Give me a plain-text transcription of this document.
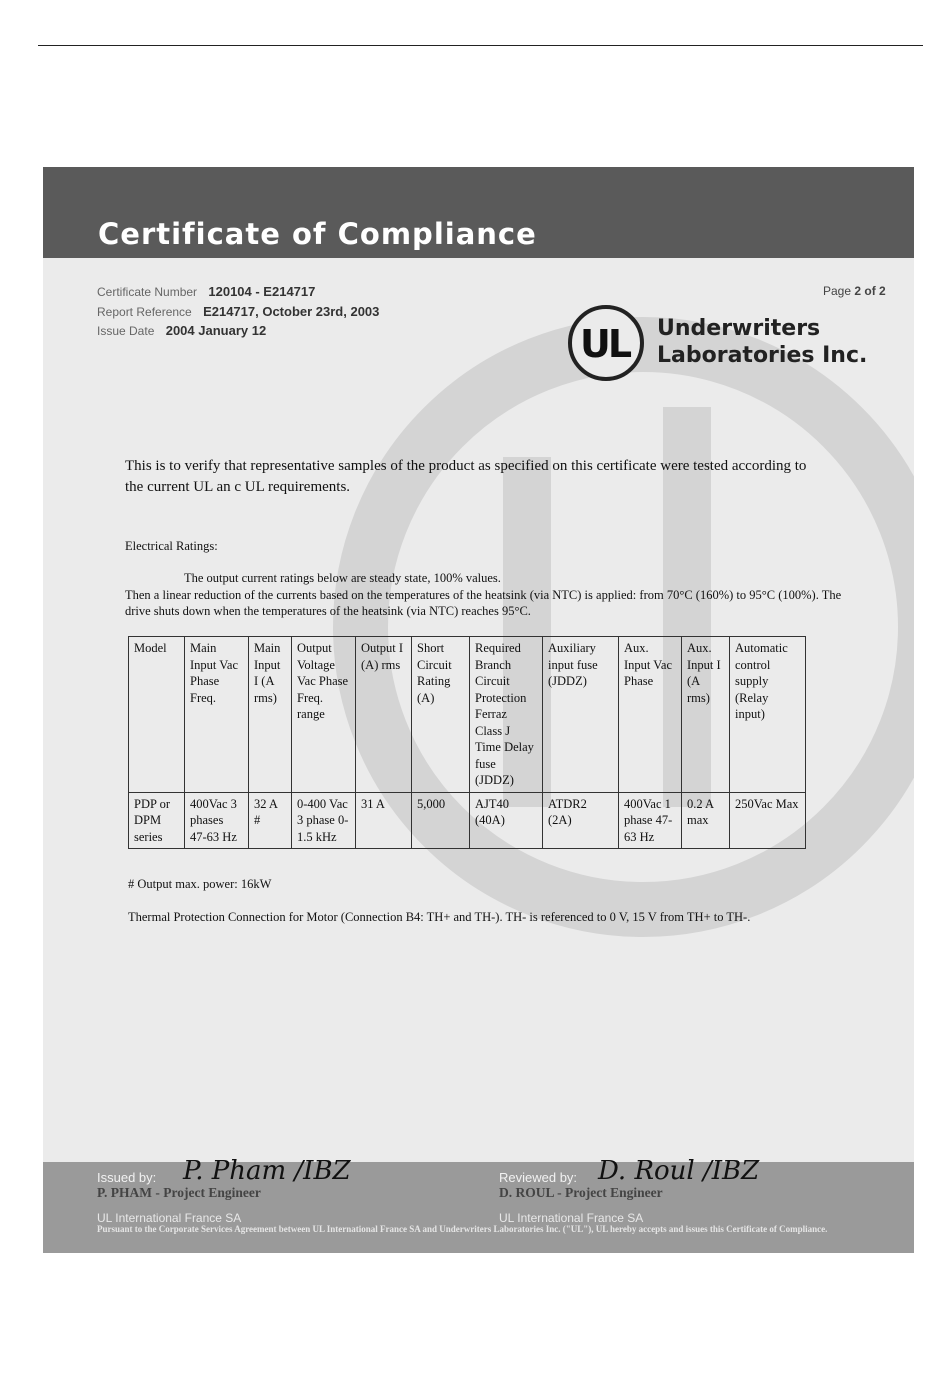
Certificate of Compliance
Certificate Number 120104 - E214717
Report Reference E214717, October 23rd, 2003
Issue Date 2004 January 12
Page 2 of 2
UL Underwriters
Laboratories Inc.
This is to verify that representative samples of the product as specified on this certificate were tested according to the current UL an c UL requirements.
Electrical Ratings:
The output current ratings below are steady state, 100% values.
Then a linear reduction of the currents based on the temperatures of the heatsink (via NTC) is applied: from 70°C (160%) to 95°C (100%). The drive shuts down when the temperatures of the heatsink (via NTC) reaches 95°C.
Model	Main Input Vac Phase Freq.	Main Input I (A rms)	Output Voltage Vac Phase Freq. range	Output I (A) rms	Short Circuit Rating (A)	Required Branch Circuit Protection Ferraz Class J Time Delay fuse (JDDZ)	Auxiliary input fuse (JDDZ)	Aux. Input Vac Phase	Aux. Input I (A rms)	Automatic control supply (Relay input)
PDP or DPM series	400Vac 3 phases 47-63 Hz	32 A #	0-400 Vac 3 phase 0-1.5 kHz	31 A	5,000	AJT40 (40A)	ATDR2 (2A)	400Vac 1 phase 47-63 Hz	0.2 A max	250Vac Max
# Output max. power: 16kW
Thermal Protection Connection for Motor (Connection B4: TH+ and TH-). TH- is referenced to 0 V, 15 V from TH+ to TH-.
Issued by: P. Pham /IBZ
P. PHAM - Project Engineer
Reviewed by: D. Roul /IBZ
D. ROUL - Project Engineer
UL International France SA	UL International France SA
Pursuant to the Corporate Services Agreement between UL International France SA and Underwriters Laboratories Inc. ("UL"), UL hereby accepts and issues this Certificate of Compliance.
